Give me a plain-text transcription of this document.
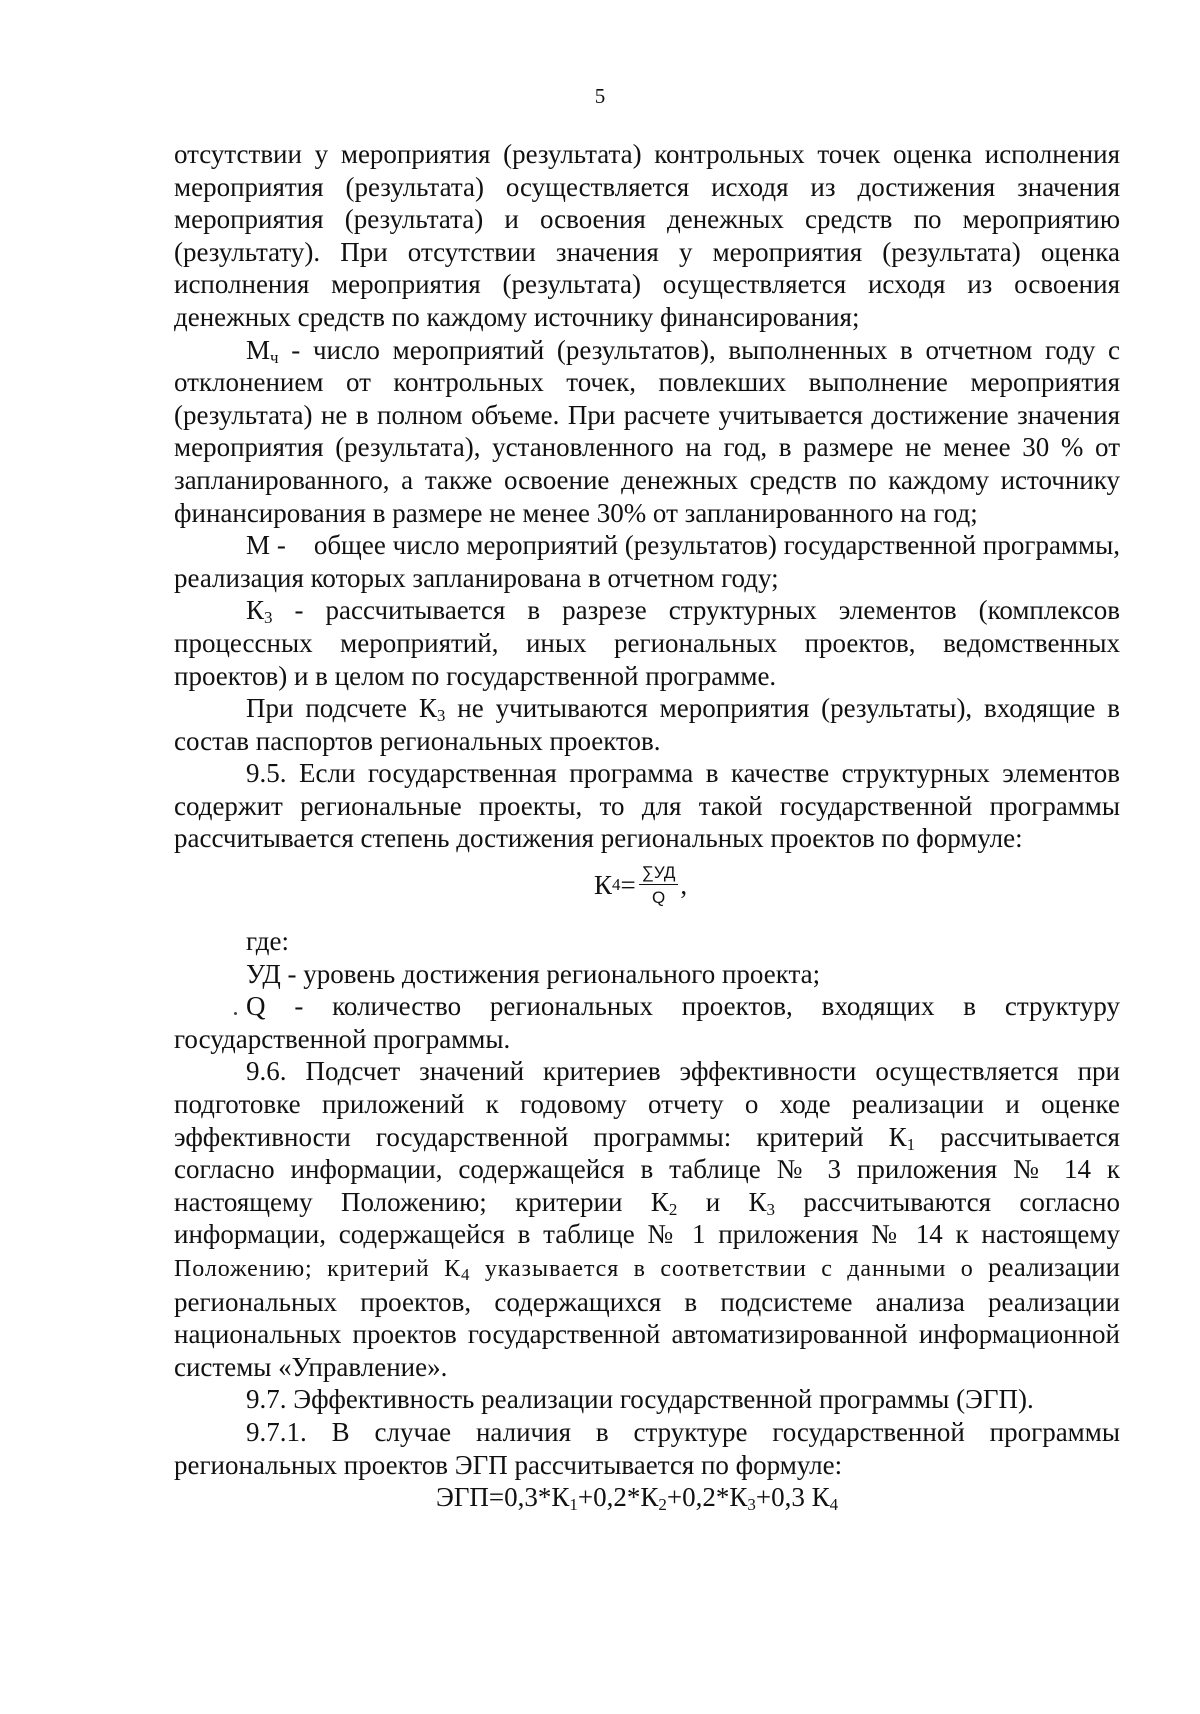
5

отсутствии у мероприятия (результата) контрольных точек оценка исполнения мероприятия (результата) осуществляется исходя из достижения значения мероприятия (результата) и освоения денежных средств по мероприятию (результату). При отсутствии значения у мероприятия (результата) оценка исполнения мероприятия (результата) осуществляется исходя из освоения денежных средств по каждому источнику финансирования;

$М_ч$ - число мероприятий (результатов), выполненных в отчетном году с отклонением от контрольных точек, повлекших выполнение мероприятия (результата) не в полном объеме. При расчете учитывается достижение значения мероприятия (результата), установленного на год, в размере не менее 30 % от запланированного, а также освоение денежных средств по каждому источнику финансирования в размере не менее 30% от запланированного на год;

М - общее число мероприятий (результатов) государственной программы, реализация которых запланирована в отчетном году;

$К_3$ - рассчитывается в разрезе структурных элементов (комплексов процессных мероприятий, иных региональных проектов, ведомственных проектов) и в целом по государственной программе.

При подсчете $К_3$ не учитываются мероприятия (результаты), входящие в состав паспортов региональных проектов.

9.5. Если государственная программа в качестве структурных элементов содержит региональные проекты, то для такой государственной программы рассчитывается степень достижения региональных проектов по формуле:

К $4 = \frac{\sum УД}{Q}$ ,

где:

УД - уровень достижения регионального проекта;

Q - количество региональных проектов, входящих в структуру государственной программы.

9.6. Подсчет значений критериев эффективности осуществляется при подготовке приложений к годовому отчету о ходе реализации и оценке эффективности государственной программы: критерий $К_1$ рассчитывается согласно информации, содержащейся в таблице № 3 приложения № 14 к настоящему Положению; критерии $К_2$ и $К_3$ рассчитываются согласно информации, содержащейся в таблице № 1 приложения № 14 к настоящему Положению; критерий $К_4$ указывается в соответствии с данными о реализации региональных проектов, содержащихся в подсистеме анализа реализации национальных проектов государственной автоматизированной информационной системы «Управление».

9.7. Эффективность реализации государственной программы (ЭГП).

9.7.1. В случае наличия в структуре государственной программы региональных проектов ЭГП рассчитывается по формуле:

$ЭГП=0,3*К_1+0,2*К_2+0,2*К_3+0,3$ $К_4$
